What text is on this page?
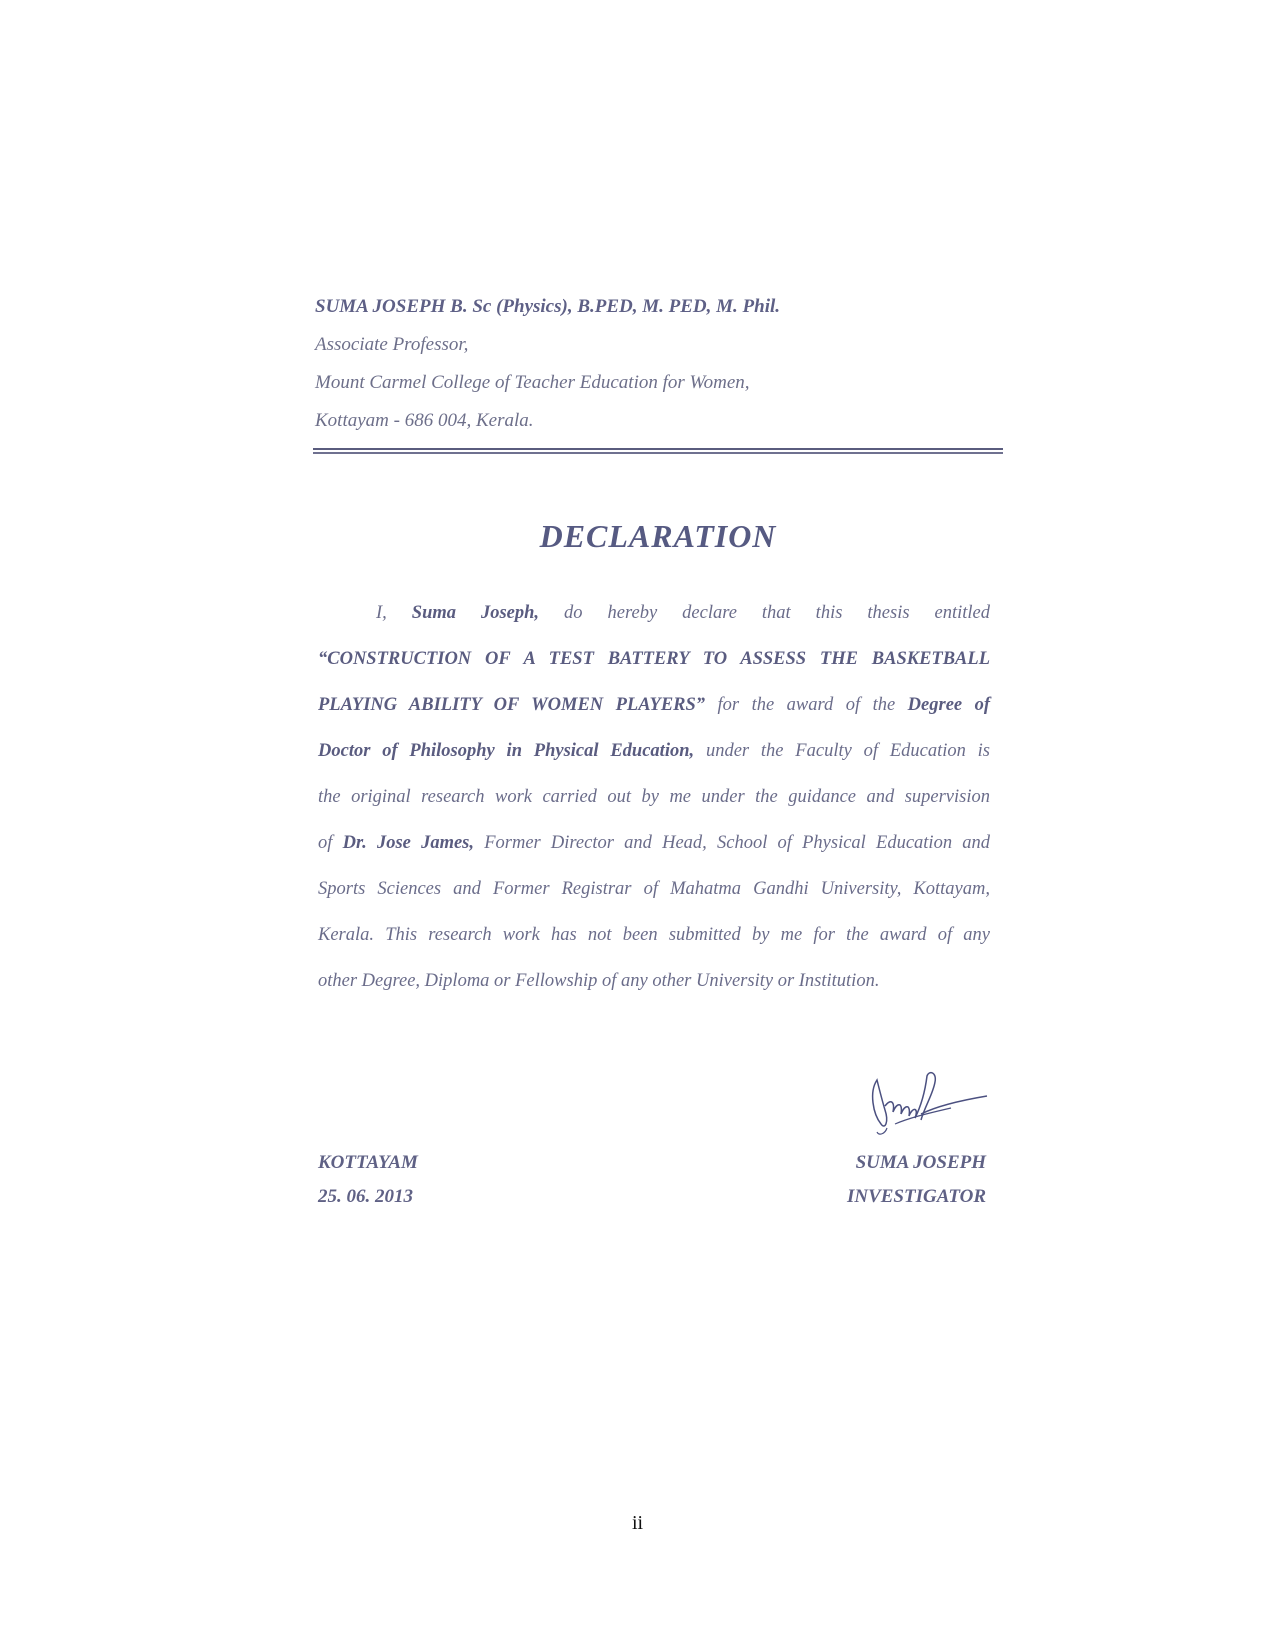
SUMA JOSEPH B. Sc (Physics), B.PED, M. PED, M. Phil.
Associate Professor,
Mount Carmel College of Teacher Education for Women,
Kottayam - 686 004, Kerala.
DECLARATION
I, Suma Joseph, do hereby declare that this thesis entitled
“CONSTRUCTION OF A TEST BATTERY TO ASSESS THE BASKETBALL
PLAYING ABILITY OF WOMEN PLAYERS” for the award of the Degree of
Doctor of Philosophy in Physical Education, under the Faculty of Education is
the original research work carried out by me under the guidance and supervision
of Dr. Jose James, Former Director and Head, School of Physical Education and
Sports Sciences and Former Registrar of Mahatma Gandhi University, Kottayam,
Kerala. This research work has not been submitted by me for the award of any
other Degree, Diploma or Fellowship of any other University or Institution.
KOTTAYAM
25. 06. 2013
SUMA JOSEPH
INVESTIGATOR
ii
